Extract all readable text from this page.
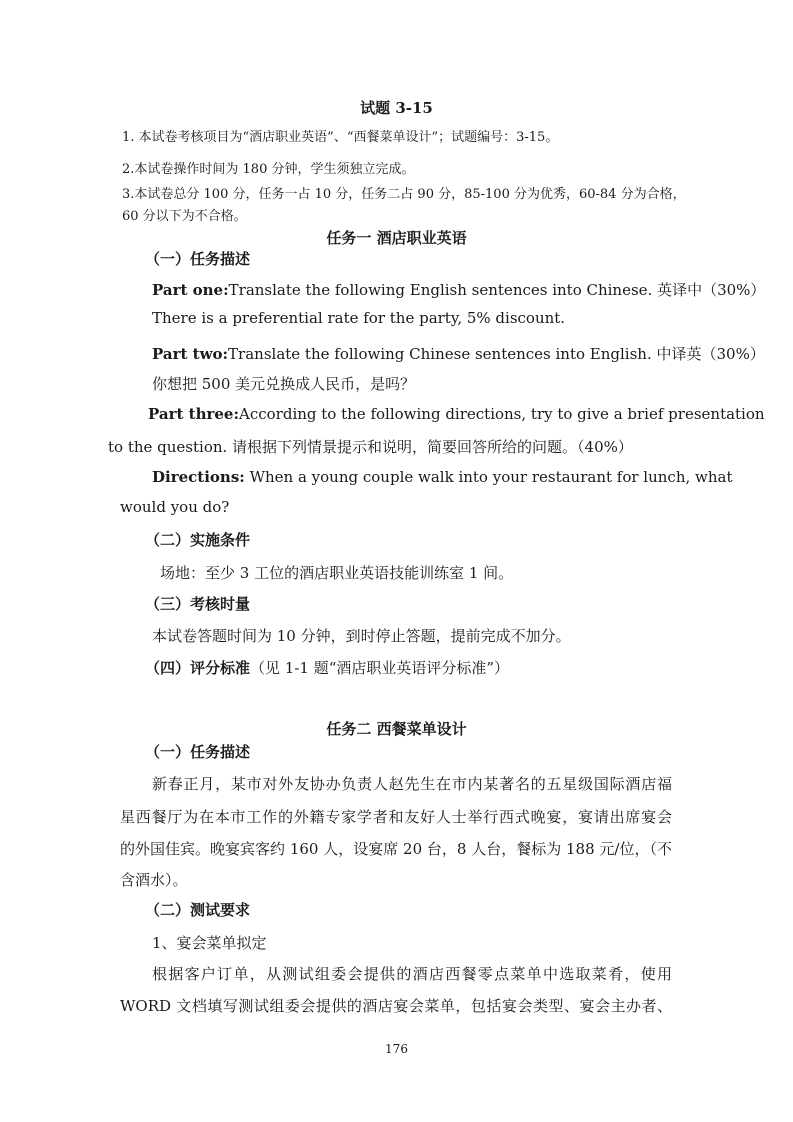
试题 3-15
1. 本试卷考核项目为“酒店职业英语”、“西餐菜单设计”；试题编号：3-15。
2.本试卷操作时间为 180 分钟，学生须独立完成。
3.本试卷总分 100 分，任务一占 10 分，任务二占 90 分，85-100 分为优秀，60-84 分为合格，
60 分以下为不合格。
任务一 酒店职业英语
（一）任务描述
Part one:Translate the following English sentences into Chinese. 英译中（30%）
There is a preferential rate for the party, 5% discount.
Part two:Translate the following Chinese sentences into English. 中译英（30%）
你想把 500 美元兑换成人民币，是吗？
Part three:According to the following directions, try to give a brief presentation
to the question. 请根据下列情景提示和说明，简要回答所给的问题。（40%）
Directions: When a young couple walk into your restaurant for lunch, what
would you do?
（二）实施条件
场地：至少 3 工位的酒店职业英语技能训练室 1 间。
（三）考核时量
本试卷答题时间为 10 分钟，到时停止答题，提前完成不加分。
（四）评分标准（见 1-1 题“酒店职业英语评分标准”）
任务二 西餐菜单设计
（一）任务描述
新春正月，某市对外友协办负责人赵先生在市内某著名的五星级国际酒店福
星西餐厅为在本市工作的外籍专家学者和友好人士举行西式晚宴，宴请出席宴会
的外国佳宾。晚宴宾客约 160 人，设宴席 20 台，8 人台，餐标为 188 元/位，（不
含酒水）。
（二）测试要求
1、宴会菜单拟定
根据客户订单，从测试组委会提供的酒店西餐零点菜单中选取菜肴，使用
WORD 文档填写测试组委会提供的酒店宴会菜单，包括宴会类型、宴会主办者、
176
